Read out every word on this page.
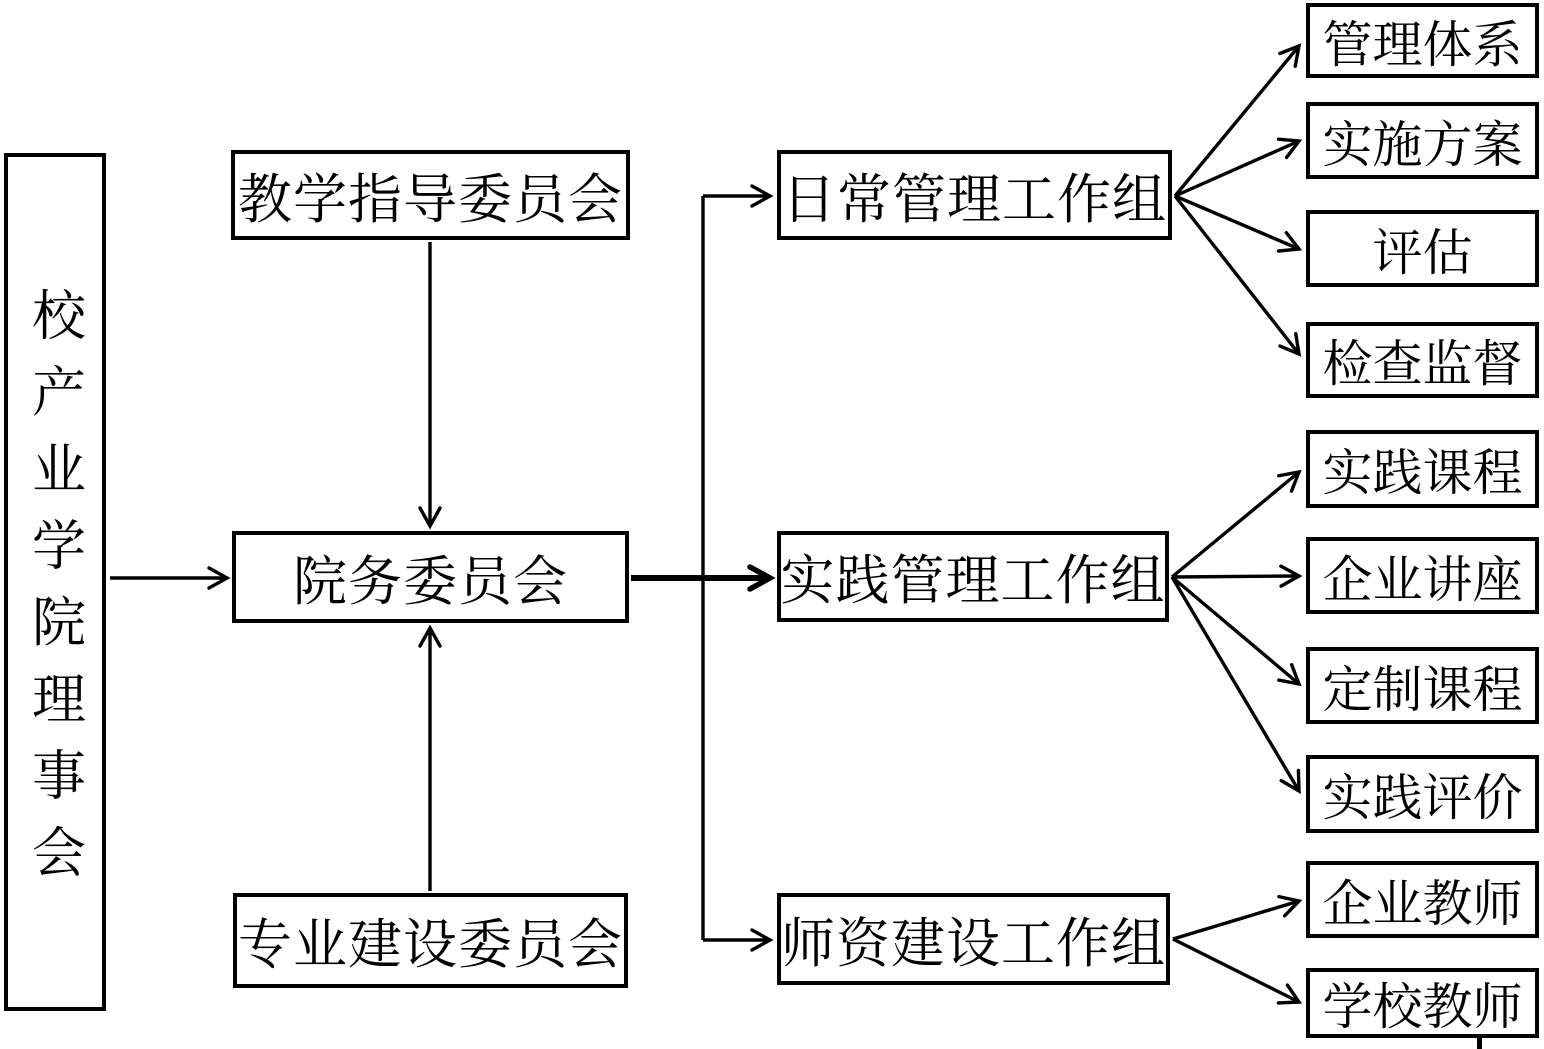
校产业学院理事会
教学指导委员会
院务委员会
专业建设委员会
日常管理工作组
实践管理工作组
师资建设工作组
管理体系
实施方案
评估
检查监督
实践课程
企业讲座
定制课程
实践评价
企业教师
学校教师
